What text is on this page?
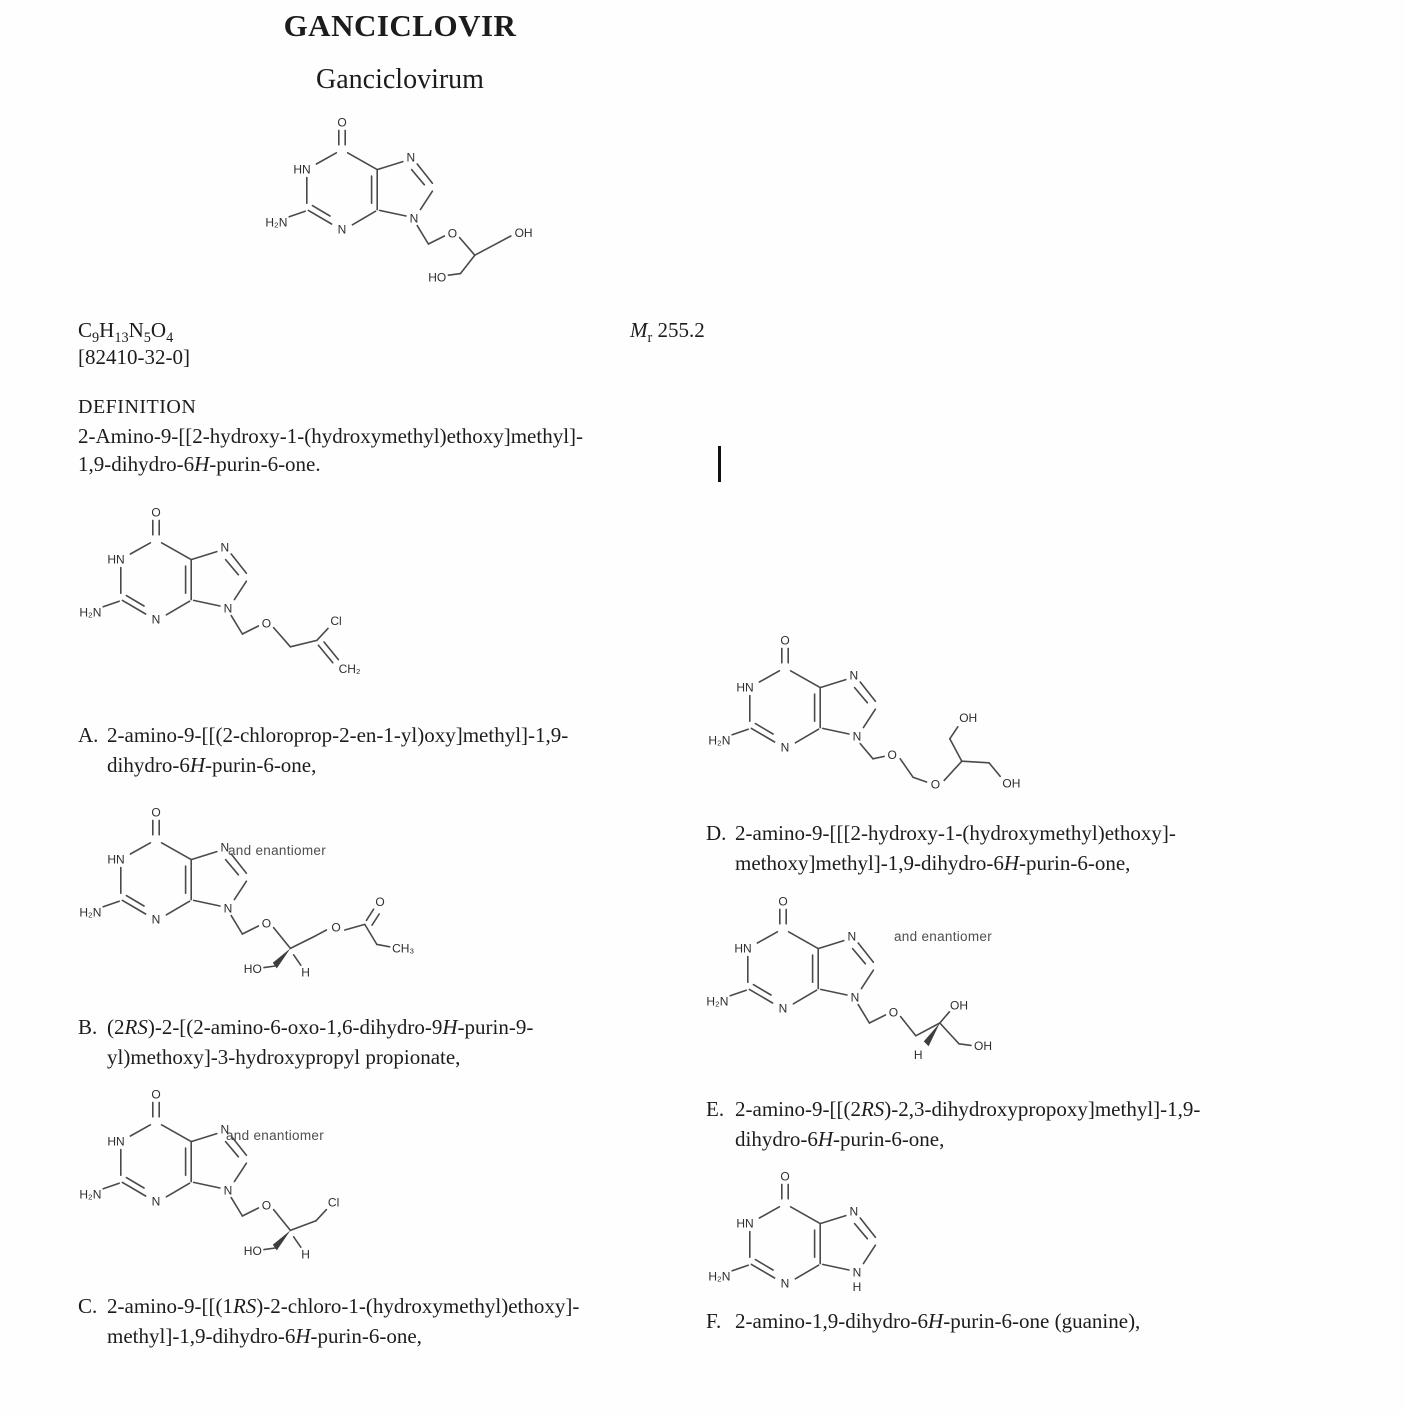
GANCICLOVIR
Ganciclovirum
O
HN
H₂N
N
N
N
O	OH
HO
$C_9H_{13}N_5O_4$	$M_r$ 255.2
[82410-32-0]
DEFINITION
2-Amino-9-[[2-hydroxy-1-(hydroxymethyl)ethoxy]methyl]-
1,9-dihydro-6H-purin-6-one.
O
HN
H₂N
N
N
N
O	Cl
CH₂
A. 2-amino-9-[[(2-chloroprop-2-en-1-yl)oxy]methyl]-1,9-
dihydro-6H-purin-6-one,
O
HN
H₂N
N
N
N
O	O
O
CH₃
HO	H
and enantiomer
B. (2RS)-2-[(2-amino-6-oxo-1,6-dihydro-9H-purin-9-
yl)methoxy]-3-hydroxypropyl propionate,
O
HN
H₂N
N
N
N
O	Cl
HO	H
and enantiomer
C. 2-amino-9-[[(1RS)-2-chloro-1-(hydroxymethyl)ethoxy]-
methyl]-1,9-dihydro-6H-purin-6-one,
O
HN
H₂N
N
N
N
O
O
OH
OH
D. 2-amino-9-[[[2-hydroxy-1-(hydroxymethyl)ethoxy]-
methoxy]methyl]-1,9-dihydro-6H-purin-6-one,
O
HN
H₂N
N
N
N
O
OH
H
OH
and enantiomer
E. 2-amino-9-[[(2RS)-2,3-dihydroxypropoxy]methyl]-1,9-
dihydro-6H-purin-6-one,
O
HN
H₂N
N
N
N
H
F. 2-amino-1,9-dihydro-6H-purin-6-one (guanine),
